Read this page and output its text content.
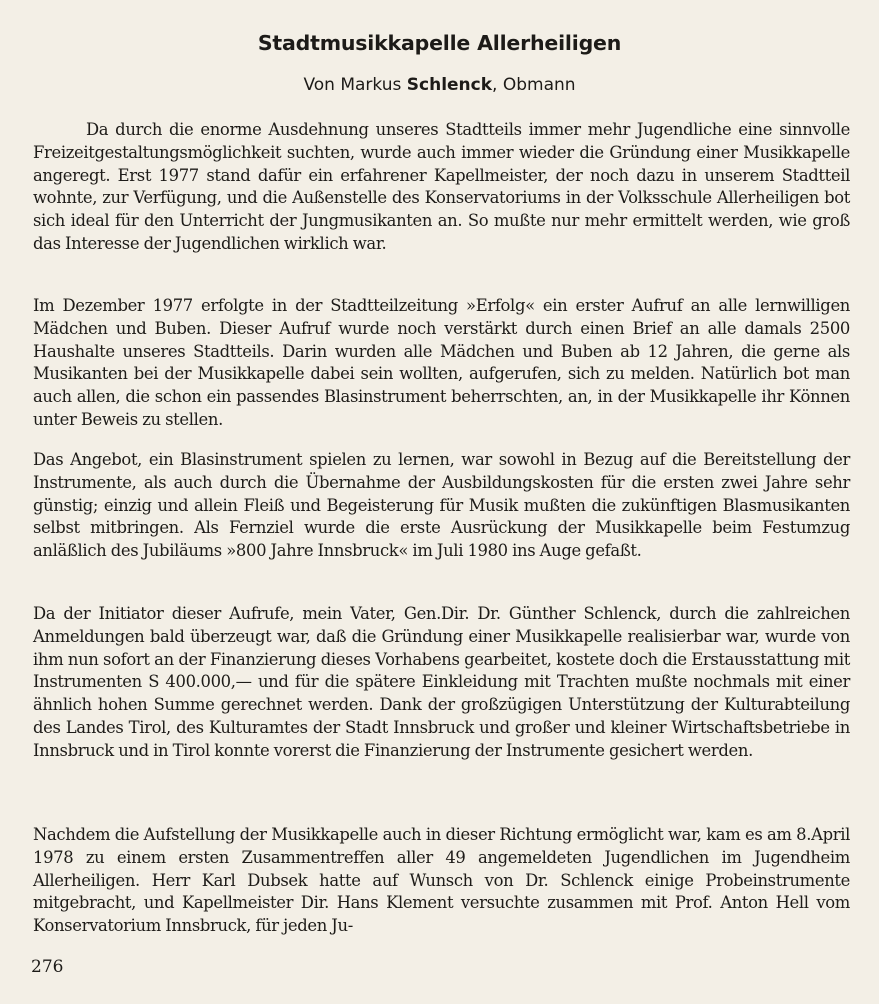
Stadtmusikkapelle Allerheiligen
Von Markus Schlenck, Obmann

Da durch die enorme Ausdehnung unseres Stadtteils immer mehr Jugendliche eine sinnvolle Freizeitgestaltungsmöglichkeit suchten, wurde auch immer wieder die Gründung einer Musikkapelle angeregt. Erst 1977 stand dafür ein erfahrener Kapellmeister, der noch dazu in unserem Stadtteil wohnte, zur Verfügung, und die Außenstelle des Konservatoriums in der Volksschule Allerheiligen bot sich ideal für den Unterricht der Jungmusikanten an. So mußte nur mehr ermittelt werden, wie groß das Interesse der Jugendlichen wirklich war.

Im Dezember 1977 erfolgte in der Stadtteilzeitung »Erfolg« ein erster Aufruf an alle lernwilligen Mädchen und Buben. Dieser Aufruf wurde noch verstärkt durch einen Brief an alle damals 2500 Haushalte unseres Stadtteils. Darin wurden alle Mädchen und Buben ab 12 Jahren, die gerne als Musikanten bei der Musikkapelle dabei sein wollten, aufgerufen, sich zu melden. Natürlich bot man auch allen, die schon ein passendes Blasinstrument beherrschten, an, in der Musikkapelle ihr Können unter Beweis zu stellen.

Das Angebot, ein Blasinstrument spielen zu lernen, war sowohl in Bezug auf die Bereitstellung der Instrumente, als auch durch die Übernahme der Ausbildungskosten für die ersten zwei Jahre sehr günstig; einzig und allein Fleiß und Begeisterung für Musik mußten die zukünftigen Blasmusikanten selbst mitbringen. Als Fernziel wurde die erste Ausrückung der Musikkapelle beim Festumzug anläßlich des Jubiläums »800 Jahre Innsbruck« im Juli 1980 ins Auge gefaßt.

Da der Initiator dieser Aufrufe, mein Vater, Gen.Dir. Dr. Günther Schlenck, durch die zahlreichen Anmeldungen bald überzeugt war, daß die Gründung einer Musikkapelle realisierbar war, wurde von ihm nun sofort an der Finanzierung dieses Vorhabens gearbeitet, kostete doch die Erstausstattung mit Instrumenten S 400.000,— und für die spätere Einkleidung mit Trachten mußte nochmals mit einer ähnlich hohen Summe gerechnet werden. Dank der großzügigen Unterstützung der Kulturabteilung des Landes Tirol, des Kulturamtes der Stadt Innsbruck und großer und kleiner Wirtschaftsbetriebe in Innsbruck und in Tirol konnte vorerst die Finanzierung der Instrumente gesichert werden.

Nachdem die Aufstellung der Musikkapelle auch in dieser Richtung ermöglicht war, kam es am 8.April 1978 zu einem ersten Zusammentreffen aller 49 angemeldeten Jugendlichen im Jugendheim Allerheiligen. Herr Karl Dubsek hatte auf Wunsch von Dr. Schlenck einige Probeinstrumente mitgebracht, und Kapellmeister Dir. Hans Klement versuchte zusammen mit Prof. Anton Hell vom Konservatorium Innsbruck, für jeden Ju-

276
